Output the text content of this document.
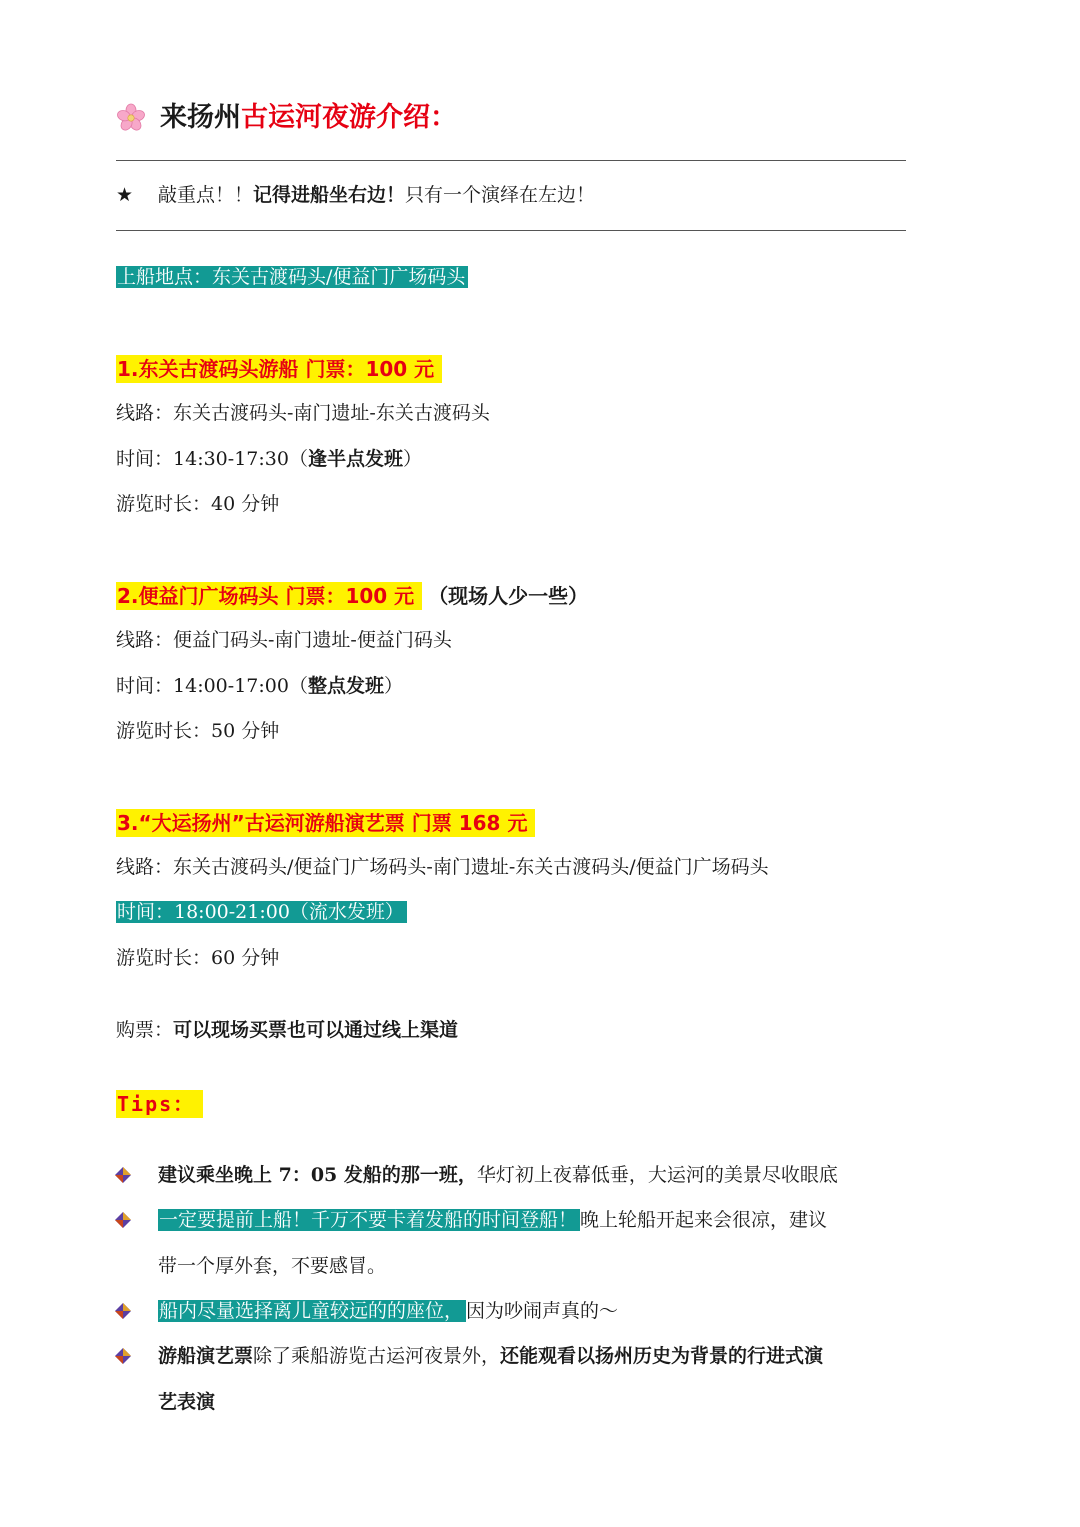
来扬州 古运河夜游介绍：
★ 敲重点！！记得进船坐右边！只有一个演绎在左边！
上船地点：东关古渡码头/便益门广场码头
1.东关古渡码头游船 门票：100 元
线路：东关古渡码头-南门遗址-东关古渡码头
时间：14:30-17:30（逢半点发班）
游览时长：40 分钟
2.便益门广场码头 门票：100 元 （现场人少一些）
线路：便益门码头-南门遗址-便益门码头
时间：14:00-17:00（整点发班）
游览时长：50 分钟
3.“大运扬州”古运河游船演艺票 门票 168 元
线路：东关古渡码头/便益门广场码头-南门遗址-东关古渡码头/便益门广场码头
时间：18:00-21:00（流水发班）
游览时长：60 分钟
购票：可以现场买票也可以通过线上渠道
Tips：
建议乘坐晚上 7：05 发船的那一班，华灯初上夜幕低垂，大运河的美景尽收眼底
一定要提前上船！千万不要卡着发船的时间登船！ 晚上轮船开起来会很凉，建议
带一个厚外套，不要感冒。
船内尽量选择离儿童较远的的座位， 因为吵闹声真的～
游船演艺票除了乘船游览古运河夜景外，还能观看以扬州历史为背景的行进式演
艺表演
